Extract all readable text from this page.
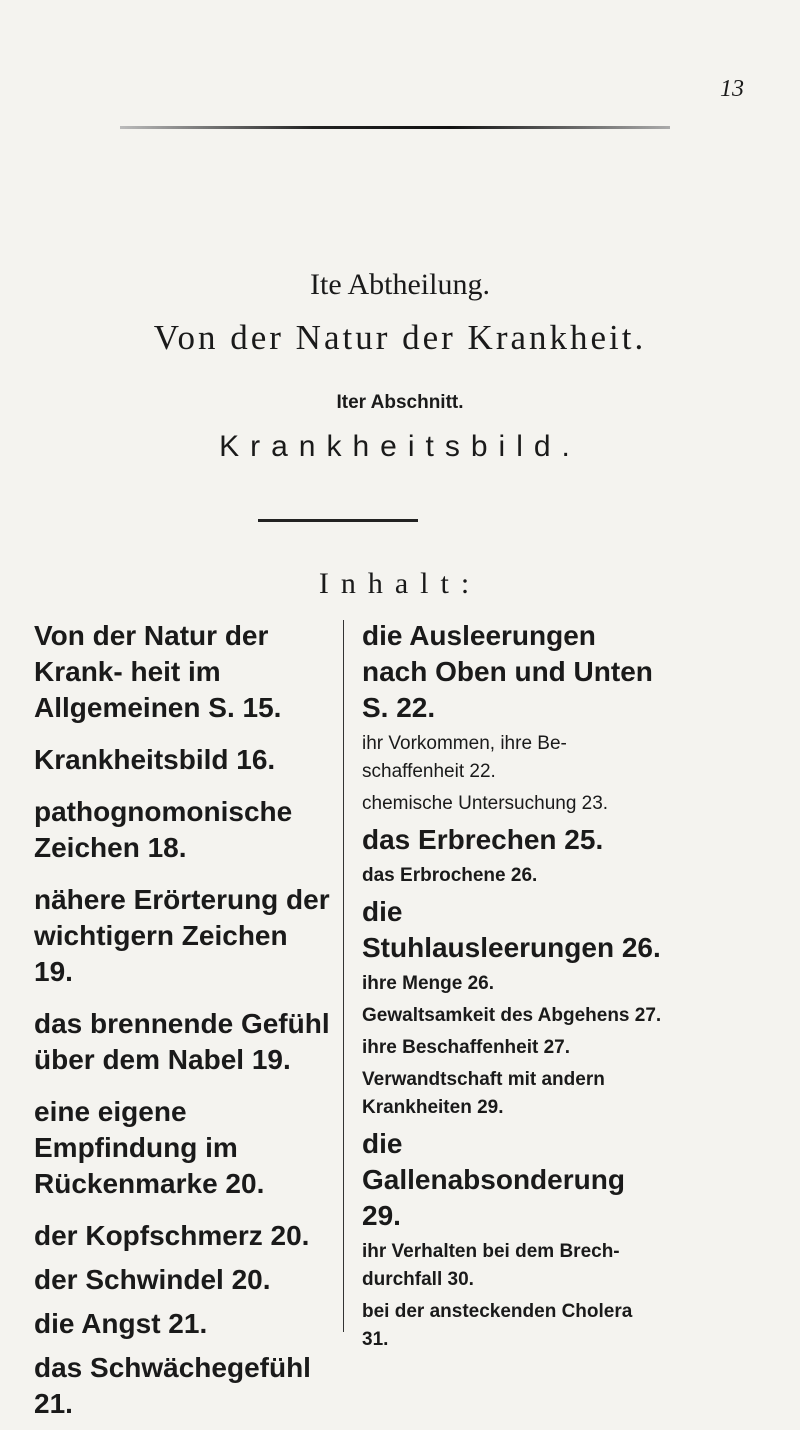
13
Ite Abtheilung.
Von der Natur der Krankheit.
Iter Abschnitt.
Krankheitsbild.
Inhalt:

Von der Natur der Krank- heit im Allgemeinen S. 15.

Krankheitsbild 16.

pathognomonische Zeichen 18.

nähere Erörterung der wichtigern Zeichen 19.

das brennende Gefühl über dem Nabel 19.

eine eigene Empfindung im Rückenmarke 20.

der Kopfschmerz 20.

der Schwindel 20.

die Angst 21.

das Schwächegefühl 21.

die Ausleerungen nach Oben und Unten S. 22.

ihr Vorkommen, ihre Be- schaffenheit 22.

chemische Untersuchung 23.

das Erbrechen 25.

das Erbrochene 26.

die Stuhlausleerungen 26.

ihre Menge 26.

Gewaltsamkeit des Abgehens 27.

ihre Beschaffenheit 27.

Verwandtschaft mit andern Krankheiten 29.

die Gallenabsonderung 29.

ihr Verhalten bei dem Brech- durchfall 30.

bei der ansteckenden Cholera 31.
